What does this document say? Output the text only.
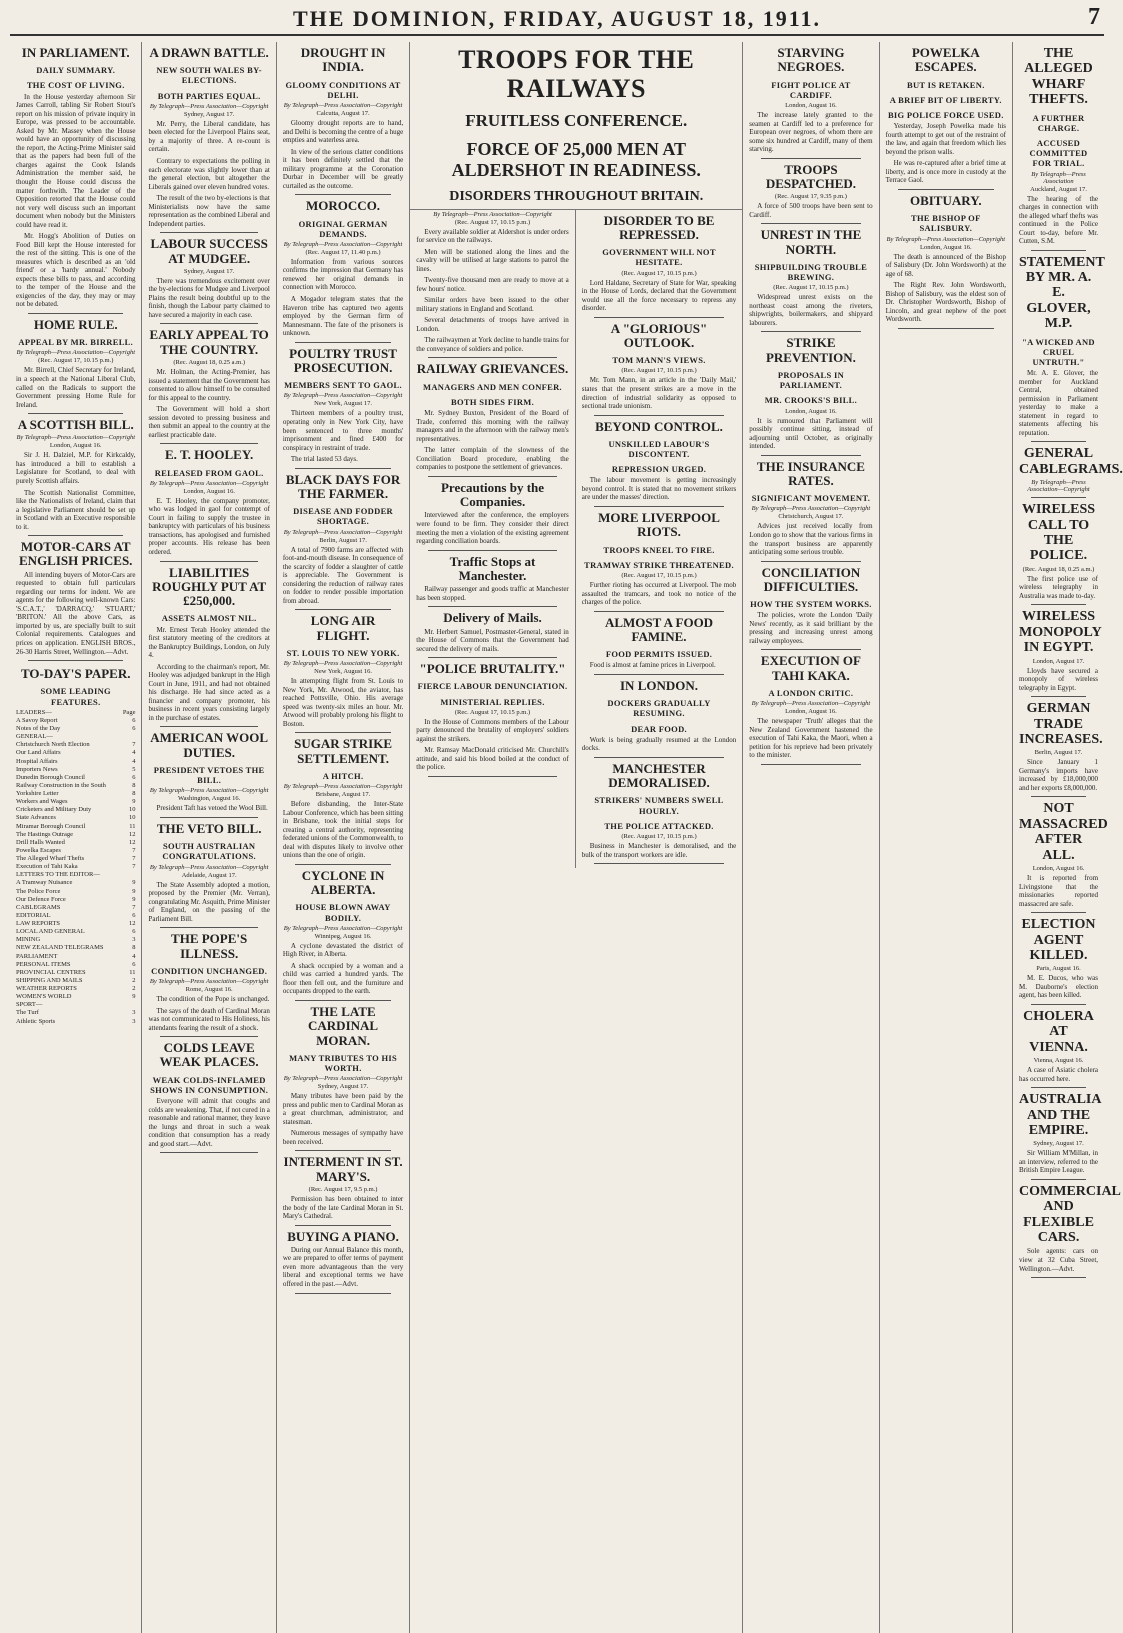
THE DOMINION, FRIDAY, AUGUST 18, 1911.	7
IN PARLIAMENT.
DAILY SUMMARY.
THE COST OF LIVING.

In the House yesterday afternoon Sir James Carroll, tabling Sir Robert Stout's report on his mission of private inquiry in Europe, was pressed to be accountable. Asked by Mr. Massey when the House would have an opportunity of discussing the report, the Acting-Prime Minister said that as the papers had been full of the charges against the Cook Islands Administration the member said, he thought the House could discuss the matter forthwith. The Leader of the Opposition retorted that the House could not very well discuss such an important document when nobody but the Ministers could have read it.

Mr. Hogg's Abolition of Duties on Food Bill kept the House interested for the rest of the sitting. This is one of the measures which is described as an 'old friend' or a 'hardy annual.' Nobody expects these bills to pass, and according to the temper of the House and the exigencies of the day, they may or may not be debated.

HOME RULE.
APPEAL BY MR. BIRRELL.
By Telegraph—Press Association—Copyright
(Rec. August 17, 10.15 p.m.)

Mr. Birrell, Chief Secretary for Ireland, in a speech at the National Liberal Club, called on the Radicals to support the Government pressing Home Rule for Ireland.

A SCOTTISH BILL.
By Telegraph—Press Association—Copyright
London, August 16.

Sir J. H. Dalziel, M.P. for Kirkcaldy, has introduced a bill to establish a Legislature for Scotland, to deal with purely Scottish affairs.

The Scottish Nationalist Committee, like the Nationalists of Ireland, claim that a legislative Parliament should be set up in Scotland with an Executive responsible to it.

MOTOR-CARS AT ENGLISH PRICES.

All intending buyers of Motor-Cars are requested to obtain full particulars regarding our terms for indent. We are agents for the following well-known Cars: 'S.C.A.T.,' 'DARRACQ,' 'STUART,' 'BRITON.' All the above Cars, as imported by us, are specially built to suit Colonial requirements. Catalogues and prices on application. ENGLISH BROS., 26-30 Harris Street, Wellington.—Advt.

TO-DAY'S PAPER.
SOME LEADING FEATURES.
LEADERS—	Page
A Savoy Report	6
Notes of the Day	6
GENERAL—
Christchurch North Election	7
Our Land Affairs	4
Hospital Affairs	4
Importers News	5
Dunedin Borough Council	6
Railway Construction in the South	8
Yorkshire Letter	8
Workers and Wages	9
Cricketers and Military Duty	10
State Advances	10
Miramar Borough Council	11
The Hastings Outrage	12
Drill Halls Wanted	12
Powelka Escapes	7
The Alleged Wharf Thefts	7
Execution of Tahi Kaka	7
LETTERS TO THE EDITOR—
A Tramway Nuisance	9
The Police Force	9
Our Defence Force	9
CABLEGRAMS	7
EDITORIAL	6
LAW REPORTS	12
LOCAL AND GENERAL	6
MINING	3
NEW ZEALAND TELEGRAMS	8
PARLIAMENT	4
PERSONAL ITEMS	6
PROVINCIAL CENTRES	11
SHIPPING AND MAILS	2
WEATHER REPORTS	2
WOMEN'S WORLD	9
SPORT—
The Turf	3
Athletic Sports	3
A DRAWN BATTLE.
NEW SOUTH WALES BY-ELECTIONS.
BOTH PARTIES EQUAL.
By Telegraph—Press Association—Copyright
Sydney, August 17.

Mr. Perry, the Liberal candidate, has been elected for the Liverpool Plains seat, by a majority of three. A re-count is certain.

Contrary to expectations the polling in each electorate was slightly lower than at the general election, but altogether the Liberals gained over eleven hundred votes.

The result of the two by-elections is that Ministerialists now have the same representation as the combined Liberal and Independent parties.

LABOUR SUCCESS AT MUDGEE.
Sydney, August 17.

There was tremendous excitement over the by-elections for Mudgee and Liverpool Plains the result being doubtful up to the finish, though the Labour party claimed to have secured a majority in each case.

EARLY APPEAL TO THE COUNTRY.
(Rec. August 18, 0.25 a.m.)

Mr. Holman, the Acting-Premier, has issued a statement that the Government has consented to allow himself to be consulted for this appeal to the country.

The Government will hold a short session devoted to pressing business and then submit an appeal to the country at the earliest practicable date.

E. T. HOOLEY.
RELEASED FROM GAOL.
By Telegraph—Press Association—Copyright
London, August 16.

E. T. Hooley, the company promoter, who was lodged in gaol for contempt of Court in failing to supply the trustee in bankruptcy with particulars of his business transactions, has apologised and furnished proper accounts. His release has been ordered.

LIABILITIES ROUGHLY PUT AT £250,000.
ASSETS ALMOST NIL.

Mr. Ernest Terah Hooley attended the first statutory meeting of the creditors at the Bankruptcy Buildings, London, on July 4.

According to the chairman's report, Mr. Hooley was adjudged bankrupt in the High Court in June, 1911, and had not obtained his discharge. He had since acted as a financier and company promoter, his business in recent years consisting largely in the purchase of estates.

AMERICAN WOOL DUTIES.
PRESIDENT VETOES THE BILL.
By Telegraph—Press Association—Copyright
Washington, August 16.

President Taft has vetoed the Wool Bill.

THE VETO BILL.
SOUTH AUSTRALIAN CONGRATULATIONS.
By Telegraph—Press Association—Copyright
Adelaide, August 17.

The State Assembly adopted a motion, proposed by the Premier (Mr. Verran), congratulating Mr. Asquith, Prime Minister of England, on the passing of the Parliament Bill.

THE POPE'S ILLNESS.
CONDITION UNCHANGED.
By Telegraph—Press Association—Copyright
Rome, August 16.

The condition of the Pope is unchanged.

The says of the death of Cardinal Moran was not communicated to His Holiness, his attendants fearing the result of a shock.

COLDS LEAVE WEAK PLACES.
WEAK COLDS-INFLAMED SHOWS IN CONSUMPTION.

Everyone will admit that coughs and colds are weakening. That, if not cured in a reasonable and rational manner, they leave the lungs and throat in such a weak condition that consumption has a ready and good start.—Advt.

DROUGHT IN INDIA.
GLOOMY CONDITIONS AT DELHI.
By Telegraph—Press Association—Copyright
Calcutta, August 17.

Gloomy drought reports are to hand, and Delhi is becoming the centre of a huge empties and waterless area.

In view of the serious clatter conditions it has been definitely settled that the military programme at the Coronation Durbar in December will be greatly curtailed as the outcome.

MOROCCO.
ORIGINAL GERMAN DEMANDS.
By Telegraph—Press Association—Copyright
(Rec. August 17, 11.40 p.m.)

Information from various sources confirms the impression that Germany has renewed her original demands in connection with Morocco.

A Mogador telegram states that the Haveron tribe has captured two agents employed by the German firm of Mannesmann. The fate of the prisoners is unknown.

POULTRY TRUST PROSECUTION.
MEMBERS SENT TO GAOL.
By Telegraph—Press Association—Copyright
New York, August 17.

Thirteen members of a poultry trust, operating only in New York City, have been sentenced to three months' imprisonment and fined £400 for conspiracy in restraint of trade.

The trial lasted 53 days.

BLACK DAYS FOR THE FARMER.
DISEASE AND FODDER SHORTAGE.
By Telegraph—Press Association—Copyright
Berlin, August 17.

A total of 7900 farms are affected with foot-and-mouth disease. In consequence of the scarcity of fodder a slaughter of cattle is appreciable. The Government is considering the reduction of railway rates on fodder to render possible importation from abroad.

LONG AIR FLIGHT.
ST. LOUIS TO NEW YORK.
By Telegraph—Press Association—Copyright
New York, August 16.

In attempting flight from St. Louis to New York, Mr. Atwood, the aviator, has reached Pottsville, Ohio. His average speed was twenty-six miles an hour. Mr. Atwood will probably prolong his flight to Boston.

SUGAR STRIKE SETTLEMENT.
A HITCH.
By Telegraph—Press Association—Copyright
Brisbane, August 17.

Before disbanding, the Inter-State Labour Conference, which has been sitting in Brisbane, took the initial steps for creating a central authority, representing federated unions of the Commonwealth, to deal with disputes likely to involve other unions than the one of origin.

CYCLONE IN ALBERTA.
HOUSE BLOWN AWAY BODILY.
By Telegraph—Press Association—Copyright
Winnipeg, August 16.

A cyclone devastated the district of High River, in Alberta.

A shack occupied by a woman and a child was carried a hundred yards. The floor then fell out, and the furniture and occupants dropped to the earth.

THE LATE CARDINAL MORAN.
MANY TRIBUTES TO HIS WORTH.
By Telegraph—Press Association—Copyright
Sydney, August 17.

Many tributes have been paid by the press and public men to Cardinal Moran as a great churchman, administrator, and statesman.

Numerous messages of sympathy have been received.

INTERMENT IN ST. MARY'S.
(Rec. August 17, 9.5 p.m.)

Permission has been obtained to inter the body of the late Cardinal Moran in St. Mary's Cathedral.

BUYING A PIANO.

During our Annual Balance this month, we are prepared to offer terms of payment even more advantageous than the very liberal and exceptional terms we have offered in the past.—Advt.

TROOPS FOR THE RAILWAYS
FRUITLESS CONFERENCE.
FORCE OF 25,000 MEN AT ALDERSHOT IN READINESS.
DISORDERS THROUGHOUT BRITAIN.
By Telegraph—Press Association—Copyright
(Rec. August 17, 10.15 p.m.)

Every available soldier at Aldershot is under orders for service on the railways.

Men will be stationed along the lines and the cavalry will be utilised at large stations to patrol the lines.

Twenty-five thousand men are ready to move at a few hours' notice.

Similar orders have been issued to the other military stations in England and Scotland.

Several detachments of troops have arrived in London.

The railwaymen at York decline to handle trains for the conveyance of soldiers and police.

RAILWAY GRIEVANCES.
MANAGERS AND MEN CONFER.
BOTH SIDES FIRM.

Mr. Sydney Buxton, President of the Board of Trade, conferred this morning with the railway managers and in the afternoon with the railway men's representatives.

The latter complain of the slowness of the Conciliation Board procedure, enabling the companies to postpone the settlement of grievances.

Precautions by the Companies.

Interviewed after the conference, the employers were found to be firm. They consider their direct meeting the men a violation of the existing agreement regarding conciliation boards.

Traffic Stops at Manchester.

Railway passenger and goods traffic at Manchester has been stopped.

Delivery of Mails.

Mr. Herbert Samuel, Postmaster-General, stated in the House of Commons that the Government had secured the delivery of mails.

"POLICE BRUTALITY."
FIERCE LABOUR DENUNCIATION.
MINISTERIAL REPLIES.
(Rec. August 17, 10.15 p.m.)

In the House of Commons members of the Labour party denounced the brutality of employers' soldiers against the strikers.

Mr. Ramsay MacDonald criticised Mr. Churchill's attitude, and said his blood boiled at the conduct of the police.

DISORDER TO BE REPRESSED.
GOVERNMENT WILL NOT HESITATE.
(Rec. August 17, 10.15 p.m.)

Lord Haldane, Secretary of State for War, speaking in the House of Lords, declared that the Government would use all the force necessary to repress any disorder.

A "GLORIOUS" OUTLOOK.
TOM MANN'S VIEWS.
(Rec. August 17, 10.15 p.m.)

Mr. Tom Mann, in an article in the 'Daily Mail,' states that the present strikes are a move in the direction of industrial solidarity as opposed to sectional trade unionism.

BEYOND CONTROL.
UNSKILLED LABOUR'S DISCONTENT.
REPRESSION URGED.

The labour movement is getting increasingly beyond control. It is stated that no movement strikers are under the masses' direction.

MORE LIVERPOOL RIOTS.
TROOPS KNEEL TO FIRE.
TRAMWAY STRIKE THREATENED.
(Rec. August 17, 10.15 p.m.)

Further rioting has occurred at Liverpool. The mob assaulted the tramcars, and took no notice of the charges of the police.

ALMOST A FOOD FAMINE.
FOOD PERMITS ISSUED.

Food is almost at famine prices in Liverpool.

IN LONDON.
DOCKERS GRADUALLY RESUMING.
DEAR FOOD.

Work is being gradually resumed at the London docks.

MANCHESTER DEMORALISED.
STRIKERS' NUMBERS SWELL HOURLY.
THE POLICE ATTACKED.
(Rec. August 17, 10.15 p.m.)

Business in Manchester is demoralised, and the bulk of the transport workers are idle.

STARVING NEGROES.
FIGHT POLICE AT CARDIFF.
London, August 16.

The increase lately granted to the seamen at Cardiff led to a preference for European over negroes, of whom there are some six hundred at Cardiff, many of them starving.

TROOPS DESPATCHED.
(Rec. August 17, 9.35 p.m.)

A force of 500 troops have been sent to Cardiff.

UNREST IN THE NORTH.
SHIPBUILDING TROUBLE BREWING.
(Rec. August 17, 10.15 p.m.)

Widespread unrest exists on the northeast coast among the riveters, shipwrights, boilermakers, and shipyard labourers.

STRIKE PREVENTION.
PROPOSALS IN PARLIAMENT.
MR. CROOKS'S BILL.
London, August 16.

It is rumoured that Parliament will possibly continue sitting, instead of adjourning until October, as originally intended.

THE INSURANCE RATES.
SIGNIFICANT MOVEMENT.
By Telegraph—Press Association—Copyright
Christchurch, August 17.

Advices just received locally from London go to show that the various firms in the transport business are apparently anticipating some serious trouble.

CONCILIATION DIFFICULTIES.
HOW THE SYSTEM WORKS.

The policies, wrote the London 'Daily News' recently, as it said brilliant by the pressing and increasing unrest among railway employees.

EXECUTION OF TAHI KAKA.
A LONDON CRITIC.
By Telegraph—Press Association—Copyright
London, August 16.

The newspaper 'Truth' alleges that the New Zealand Government hastened the execution of Tahi Kaka, the Maori, when a petition for his reprieve had been privately to the minister.

POWELKA ESCAPES.
BUT IS RETAKEN.
A BRIEF BIT OF LIBERTY.
BIG POLICE FORCE USED.

Yesterday, Joseph Powelka made his fourth attempt to get out of the restraint of the law, and again that freedom which lies beyond the prison walls.

He was re-captured after a brief time at liberty, and is once more in custody at the Terrace Gaol.

OBITUARY.
THE BISHOP OF SALISBURY.
By Telegraph—Press Association—Copyright
London, August 16.

The death is announced of the Bishop of Salisbury (Dr. John Wordsworth) at the age of 68.

The Right Rev. John Wordsworth, Bishop of Salisbury, was the eldest son of Dr. Christopher Wordsworth, Bishop of Lincoln, and great nephew of the poet Wordsworth.

THE ALLEGED WHARF THEFTS.
A FURTHER CHARGE.
ACCUSED COMMITTED FOR TRIAL.
By Telegraph—Press Association
Auckland, August 17.

The hearing of the charges in connection with the alleged wharf thefts was continued in the Police Court to-day, before Mr. Cutten, S.M.

STATEMENT BY MR. A. E. GLOVER, M.P.
"A WICKED AND CRUEL UNTRUTH."

Mr. A. E. Glover, the member for Auckland Central, obtained permission in Parliament yesterday to make a statement in regard to statements affecting his reputation.

GENERAL CABLEGRAMS.
By Telegraph—Press Association—Copyright
WIRELESS CALL TO THE POLICE.
(Rec. August 18, 0.25 a.m.)

The first police use of wireless telegraphy in Australia was made to-day.

WIRELESS MONOPOLY IN EGYPT.
London, August 17.

Lloyds have secured a monopoly of wireless telegraphy in Egypt.

GERMAN TRADE INCREASES.
Berlin, August 17.

Since January 1 Germany's imports have increased by £18,000,000 and her exports £8,000,000.

NOT MASSACRED AFTER ALL.
London, August 16.

It is reported from Livingstone that the missionaries reported massacred are safe.

ELECTION AGENT KILLED.
Paris, August 16.

M. E. Ducos, who was M. Dauborne's election agent, has been killed.

CHOLERA AT VIENNA.
Vienna, August 16.

A case of Asiatic cholera has occurred here.

AUSTRALIA AND THE EMPIRE.
Sydney, August 17.

Sir William M'Millan, in an interview, referred to the British Empire League.

COMMERCIAL AND FLEXIBLE CARS.

Sole agents: cars on view at 32 Cuba Street, Wellington.—Advt.
